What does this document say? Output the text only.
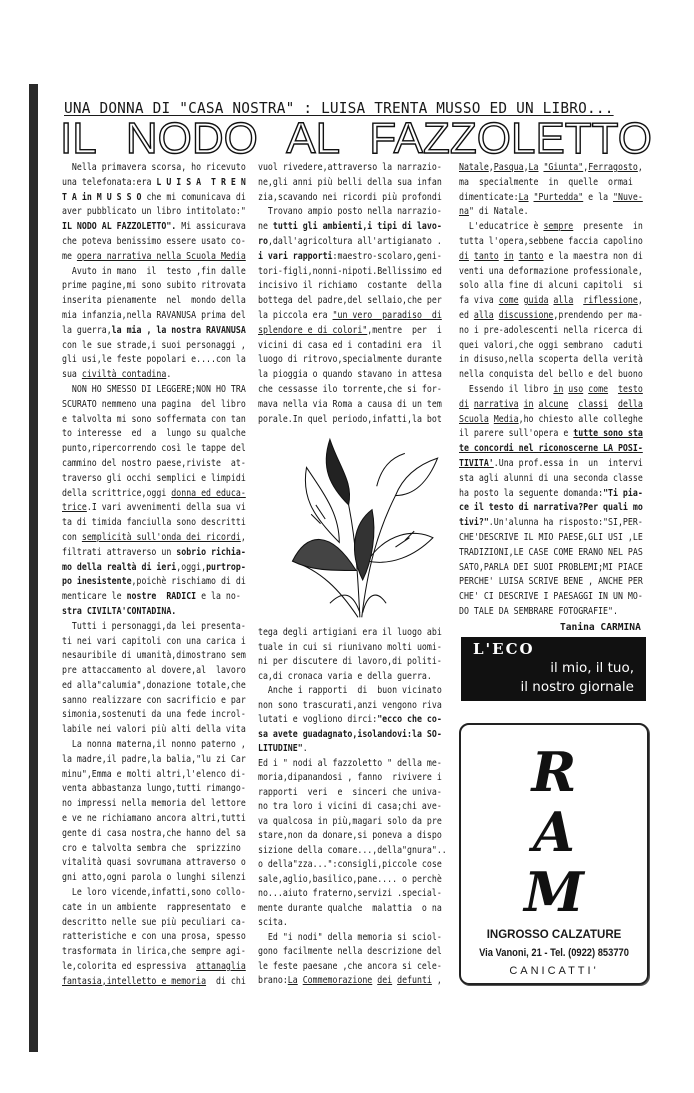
UNA DONNA DI "CASA NOSTRA" : LUISA TRENTA MUSSO ED UN LIBRO...
IL NODO AL FAZZOLETTO
Nella primavera scorsa, ho ricevuto
una telefonata:era L U I S A  T R E N
T A in M U S S O che mi comunicava di
aver pubblicato un libro intitolato:"
IL NODO AL FAZZOLETTO". Mi assicurava
che poteva benissimo essere usato co-
me opera narrativa nella Scuola Media
Avuto in mano  il  testo ,fin dalle
prime pagine,mi sono subito ritrovata
inserita pienamente  nel  mondo della
mia infanzia,nella RAVANUSA prima del
la guerra,la mia , la nostra RAVANUSA
con le sue strade,i suoi personaggi ,
gli usi,le feste popolari e....con la
sua civiltà contadina.
NON HO SMESSO DI LEGGERE;NON HO TRA
SCURATO nemmeno una pagina  del libro
e talvolta mi sono soffermata con tan
to interesse  ed  a  lungo su qualche
punto,ripercorrendo così le tappe del
cammino del nostro paese,riviste  at-
traverso gli occhi semplici e limpidi
della scrittrice,oggi donna ed educa-
trice.I vari avvenimenti della sua vi
ta di timida fanciulla sono descritti
con semplicità sull'onda dei ricordi,
filtrati attraverso un sobrio richia-
mo della realtà di ieri,oggi,purtrop-
po inesistente,poichè rischiamo di di
menticare le nostre  RADICI e la no-
stra CIVILTA'CONTADINA.
Tutti i personaggi,da lei presenta-
ti nei vari capitoli con una carica i
nesauribile di umanità,dimostrano sem
pre attaccamento al dovere,al  lavoro
ed alla"calumia",donazione totale,che
sanno realizzare con sacrificio e par
simonia,sostenuti da una fede incrol-
labile nei valori più alti della vita
La nonna materna,il nonno paterno ,
la madre,il padre,la balia,"lu zi Car
minu",Emma e molti altri,l'elenco di-
venta abbastanza lungo,tutti rimango-
no impressi nella memoria del lettore
e ve ne richiamano ancora altri,tutti
gente di casa nostra,che hanno del sa
cro e talvolta sembra che  sprizzino
vitalità quasi sovrumana attraverso o
gni atto,ogni parola o lunghi silenzi
Le loro vicende,infatti,sono collo-
cate in un ambiente  rappresentato  e
descritto nelle sue più peculiari ca-
ratteristiche e con una prosa, spesso
trasformata in lirica,che sempre agi-
le,colorita ed espressiva  attanaglia
fantasia,intelletto e memoria  di chi
vuol rivedere,attraverso la narrazio-
ne,gli anni più belli della sua infan
zia,scavando nei ricordi più profondi
Trovano ampio posto nella narrazio-
ne tutti gli ambienti,i tipi di lavo-
ro,dall'agricoltura all'artigianato .
i vari rapporti:maestro-scolaro,geni-
tori-figli,nonni-nipoti.Bellissimo ed
incisivo il richiamo  costante  della
bottega del padre,del sellaio,che per
la piccola era "un vero  paradiso  di
splendore e di colori",mentre  per  i
vicini di casa ed i contadini era  il
luogo di ritrovo,specialmente durante
la pioggia o quando stavano in attesa
che cessasse ilo torrente,che si for-
mava nella via Roma a causa di un tem
porale.In quel periodo,infatti,la bot
tega degli artigiani era il luogo abi
tuale in cui si riunivano molti uomi-
ni per discutere di lavoro,di politi-
ca,di cronaca varia e della guerra.
Anche i rapporti  di  buon vicinato
non sono trascurati,anzi vengono riva
lutati e vogliono dirci:"ecco che co-
sa avete guadagnato,isolandovi:la SO-
LITUDINE".
Ed i " nodi al fazzoletto " della me-
moria,dipanandosi , fanno  rivivere i
rapporti  veri  e  sinceri che univa-
no tra loro i vicini di casa;chi ave-
va qualcosa in più,magari solo da pre
stare,non da donare,si poneva a dispo
sizione della comare...,della"gnura"..
o della"zza...":consigli,piccole cose
sale,aglio,basilico,pane.... o perchè
no...aiuto fraterno,servizi .special-
mente durante qualche  malattia  o na
scita.
Ed "i nodi" della memoria si sciol-
gono facilmente nella descrizione del
le feste paesane ,che ancora si cele-
brano:La Commemorazione dei defunti ,
Natale,Pasqua,La "Giunta",Ferragosto,
ma  specialmente  in  quelle  ormai
dimenticate:La "Purtedda" e la "Nuve-
na" di Natale.
L'educatrice è sempre  presente  in
tutta l'opera,sebbene faccia capolino
di tanto in tanto e la maestra non di
venti una deformazione professionale,
solo alla fine di alcuni capitoli  si
fa viva come guida alla riflessione,
ed alla discussione,prendendo per ma-
no i pre-adolescenti nella ricerca di
quei valori,che oggi sembrano  caduti
in disuso,nella scoperta della verità
nella conquista del bello e del buono
Essendo il libro in uso come testo
di narrativa in alcune classi della
Scuola Media,ho chiesto alle colleghe
il parere sull'opera e tutte sono sta
te concordi nel riconoscerne LA POSI-
TIVITA'.Una prof.essa in  un  intervi
sta agli alunni di una seconda classe
ha posto la seguente domanda:"Ti pia-
ce il testo di narrativa?Per quali mo
tivi?".Un'alunna ha risposto:"SI,PER-
CHE'DESCRIVE IL MIO PAESE,GLI USI ,LE
TRADIZIONI,LE CASE COME ERANO NEL PAS
SATO,PARLA DEI SUOI PROBLEMI;MI PIACE
PERCHE' LUISA SCRIVE BENE , ANCHE PER
CHE' CI DESCRIVE I PAESAGGI IN UN MO-
DO TALE DA SEMBRARE FOTOGRAFIE".
Tanina CARMINA
L'ECO
il mio, il tuo,
il nostro giornale
R
A
M
INGROSSO CALZATURE
Via Vanoni, 21 - Tel. (0922) 853770
CANICATTI'
